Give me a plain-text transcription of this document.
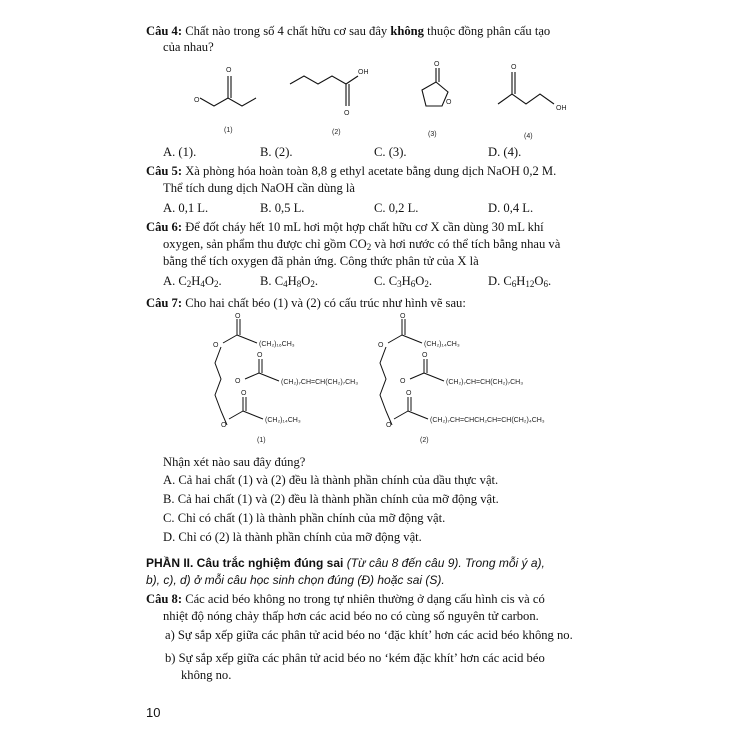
Câu 4: Chất nào trong số 4 chất hữu cơ sau đây không thuộc đồng phân cấu tạo
của nhau?
O
O
OH
O
O
O
O
OH
(1)	(2)	(3)	(4)
A. (1).	B. (2).	C. (3).	D. (4).
Câu 5: Xà phòng hóa hoàn toàn 8,8 g ethyl acetate bằng dung dịch NaOH 0,2 M.
Thể tích dung dịch NaOH cần dùng là
A. 0,1 L.	B. 0,5 L.	C. 0,2 L.	D. 0,4 L.
Câu 6: Để đốt cháy hết 10 mL hơi một hợp chất hữu cơ X cần dùng 30 mL khí
oxygen, sản phẩm thu được chỉ gồm $CO_2$ và hơi nước có thể tích bằng nhau và
bằng thể tích oxygen đã phản ứng. Công thức phân tử của X là
A. $C_2H_4O_2$.	B. $C_4H_8O_2$.	C. $C_3H_6O_2$.	D. $C_6H_{12}O_6$.
Câu 7: Cho hai chất béo (1) và (2) có cấu trúc như hình vẽ sau:
O
O
O
O
O
O
(CH₂)₁₆CH₃
(CH₂)₇CH=CH(CH₂)₇CH₃
(CH₂)₁₄CH₃
(1)
O
O
O
O
O
O
(CH₂)₁₄CH₃
(CH₂)₇CH=CH(CH₂)₇CH₃
(CH₂)₇CH=CHCH₂CH=CH(CH₂)₄CH₃
(2)
Nhận xét nào sau đây đúng?
A. Cả hai chất (1) và (2) đều là thành phần chính của dầu thực vật.
B. Cả hai chất (1) và (2) đều là thành phần chính của mỡ động vật.
C. Chỉ có chất (1) là thành phần chính của mỡ động vật.
D. Chỉ có (2) là thành phần chính của mỡ động vật.
PHẦN II. Câu trắc nghiệm đúng sai (Từ câu 8 đến câu 9). Trong mỗi ý a),
b), c), d) ở mỗi câu học sinh chọn đúng (Đ) hoặc sai (S).
Câu 8: Các acid béo không no trong tự nhiên thường ở dạng cấu hình cis và có
nhiệt độ nóng chảy thấp hơn các acid béo no có cùng số nguyên tử carbon.
a) Sự sắp xếp giữa các phân tử acid béo no ‘đặc khít’ hơn các acid béo không no.
b) Sự sắp xếp giữa các phân tử acid béo no ‘kém đặc khít’ hơn các acid béo
không no.
10
